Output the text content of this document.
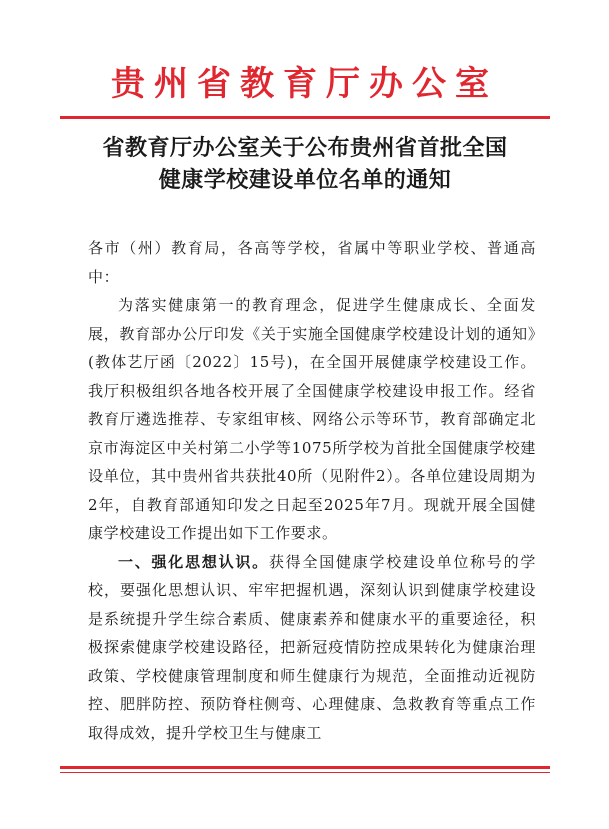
贵州省教育厅办公室
省教育厅办公室关于公布贵州省首批全国
健康学校建设单位名单的通知

各市（州）教育局，各高等学校，省属中等职业学校、普通高中：

为落实健康第一的教育理念，促进学生健康成长、全面发展，教育部办公厅印发《关于实施全国健康学校建设计划的通知》(教体艺厅函〔2022〕15号)，在全国开展健康学校建设工作。我厅积极组织各地各校开展了全国健康学校建设申报工作。经省教育厅遴选推荐、专家组审核、网络公示等环节，教育部确定北京市海淀区中关村第二小学等1075所学校为首批全国健康学校建设单位，其中贵州省共获批40所（见附件2）。各单位建设周期为2年，自教育部通知印发之日起至2025年7月。现就开展全国健康学校建设工作提出如下工作要求。

一、强化思想认识。获得全国健康学校建设单位称号的学校，要强化思想认识、牢牢把握机遇，深刻认识到健康学校建设是系统提升学生综合素质、健康素养和健康水平的重要途径，积极探索健康学校建设路径，把新冠疫情防控成果转化为健康治理政策、学校健康管理制度和师生健康行为规范，全面推动近视防控、肥胖防控、预防脊柱侧弯、心理健康、急救教育等重点工作取得成效，提升学校卫生与健康工
